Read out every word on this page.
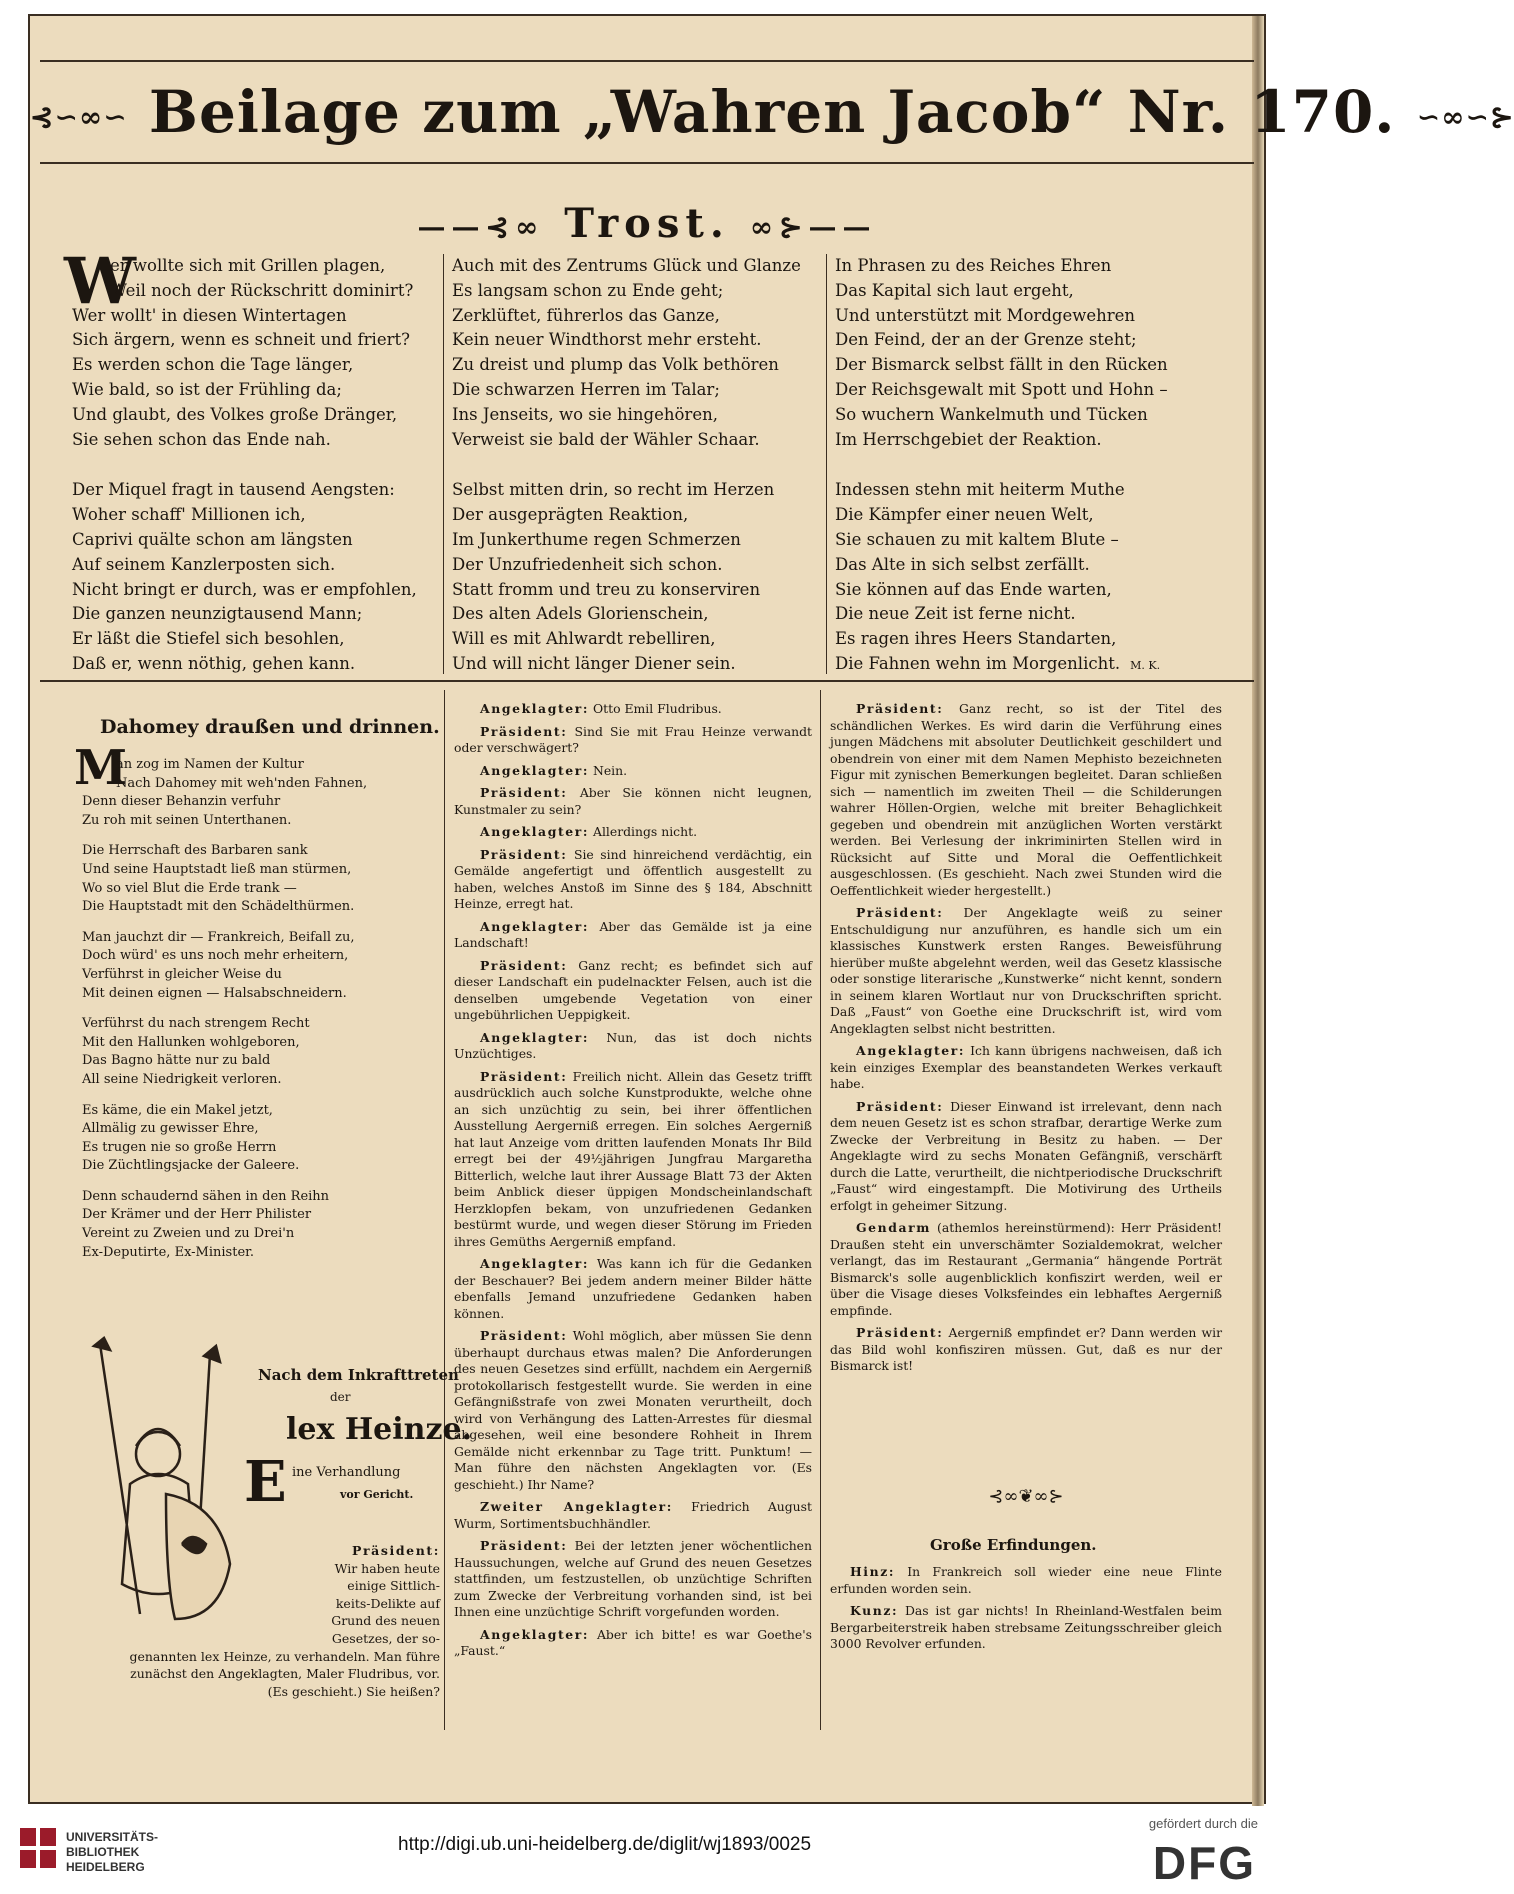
⊰∽∞∽ Beilage zum „Wahren Jacob“ Nr. 170. ∽∞∽⊱
——⊰∞ Trost. ∞⊱——
W
er wollte sich mit Grillen plagen,
Weil noch der Rückschritt dominirt?
Wer wollt' in diesen Wintertagen
Sich ärgern, wenn es schneit und friert?
Es werden schon die Tage länger,
Wie bald, so ist der Frühling da;
Und glaubt, des Volkes große Dränger,
Sie sehen schon das Ende nah.
Der Miquel fragt in tausend Aengsten:
Woher schaff' Millionen ich,
Caprivi quälte schon am längsten
Auf seinem Kanzlerposten sich.
Nicht bringt er durch, was er empfohlen,
Die ganzen neunzigtausend Mann;
Er läßt die Stiefel sich besohlen,
Daß er, wenn nöthig, gehen kann.
Auch mit des Zentrums Glück und Glanze
Es langsam schon zu Ende geht;
Zerklüftet, führerlos das Ganze,
Kein neuer Windthorst mehr ersteht.
Zu dreist und plump das Volk bethören
Die schwarzen Herren im Talar;
Ins Jenseits, wo sie hingehören,
Verweist sie bald der Wähler Schaar.
Selbst mitten drin, so recht im Herzen
Der ausgeprägten Reaktion,
Im Junkerthume regen Schmerzen
Der Unzufriedenheit sich schon.
Statt fromm und treu zu konserviren
Des alten Adels Glorienschein,
Will es mit Ahlwardt rebelliren,
Und will nicht länger Diener sein.
In Phrasen zu des Reiches Ehren
Das Kapital sich laut ergeht,
Und unterstützt mit Mordgewehren
Den Feind, der an der Grenze steht;
Der Bismarck selbst fällt in den Rücken
Der Reichsgewalt mit Spott und Hohn –
So wuchern Wankelmuth und Tücken
Im Herrschgebiet der Reaktion.
Indessen stehn mit heiterm Muthe
Die Kämpfer einer neuen Welt,
Sie schauen zu mit kaltem Blute –
Das Alte in sich selbst zerfällt.
Sie können auf das Ende warten,
Die neue Zeit ist ferne nicht.
Es ragen ihres Heers Standarten,
Die Fahnen wehn im Morgenlicht. M. K.
Dahomey draußen und drinnen.
M
an zog im Namen der Kultur
Nach Dahomey mit weh'nden Fahnen,
Denn dieser Behanzin verfuhr
Zu roh mit seinen Unterthanen.
Die Herrschaft des Barbaren sank
Und seine Hauptstadt ließ man stürmen,
Wo so viel Blut die Erde trank —
Die Hauptstadt mit den Schädelthürmen.
Man jauchzt dir — Frankreich, Beifall zu,
Doch würd' es uns noch mehr erheitern,
Verführst in gleicher Weise du
Mit deinen eignen — Halsabschneidern.
Verführst du nach strengem Recht
Mit den Hallunken wohlgeboren,
Das Bagno hätte nur zu bald
All seine Niedrigkeit verloren.
Es käme, die ein Makel jetzt,
Allmälig zu gewisser Ehre,
Es trugen nie so große Herrn
Die Züchtlingsjacke der Galeere.
Denn schaudernd sähen in den Reihn
Der Krämer und der Herr Philister
Vereint zu Zweien und zu Drei'n
Ex-Deputirte, Ex-Minister.
Nach dem Inkrafttreten
der
lex Heinze.
E ine Verhandlung
vor Gericht.
Präsident:
Wir haben heute
einige Sittlich-
keits-Delikte auf
Grund des neuen
Gesetzes, der so-
genannten lex Heinze, zu verhandeln. Man führe
zunächst den Angeklagten, Maler Fludribus, vor.
(Es geschieht.) Sie heißen?

Angeklagter: Otto Emil Fludribus.

Präsident: Sind Sie mit Frau Heinze verwandt oder verschwägert?

Angeklagter: Nein.

Präsident: Aber Sie können nicht leugnen, Kunstmaler zu sein?

Angeklagter: Allerdings nicht.

Präsident: Sie sind hinreichend verdächtig, ein Gemälde angefertigt und öffentlich ausgestellt zu haben, welches Anstoß im Sinne des § 184, Abschnitt Heinze, erregt hat.

Angeklagter: Aber das Gemälde ist ja eine Landschaft!

Präsident: Ganz recht; es befindet sich auf dieser Landschaft ein pudelnackter Felsen, auch ist die denselben umgebende Vegetation von einer ungebührlichen Ueppigkeit.

Angeklagter: Nun, das ist doch nichts Unzüchtiges.

Präsident: Freilich nicht. Allein das Gesetz trifft ausdrücklich auch solche Kunstprodukte, welche ohne an sich unzüchtig zu sein, bei ihrer öffentlichen Ausstellung Aergerniß erregen. Ein solches Aergerniß hat laut Anzeige vom dritten laufenden Monats Ihr Bild erregt bei der 49½jährigen Jungfrau Margaretha Bitterlich, welche laut ihrer Aussage Blatt 73 der Akten beim Anblick dieser üppigen Mondscheinlandschaft Herzklopfen bekam, von unzufriedenen Gedanken bestürmt wurde, und wegen dieser Störung im Frieden ihres Gemüths Aergerniß empfand.

Angeklagter: Was kann ich für die Gedanken der Beschauer? Bei jedem andern meiner Bilder hätte ebenfalls Jemand unzufriedene Gedanken haben können.

Präsident: Wohl möglich, aber müssen Sie denn überhaupt durchaus etwas malen? Die Anforderungen des neuen Gesetzes sind erfüllt, nachdem ein Aergerniß protokollarisch festgestellt wurde. Sie werden in eine Gefängnißstrafe von zwei Monaten verurtheilt, doch wird von Verhängung des Latten-Arrestes für diesmal abgesehen, weil eine besondere Rohheit in Ihrem Gemälde nicht erkennbar zu Tage tritt. Punktum! — Man führe den nächsten Angeklagten vor. (Es geschieht.) Ihr Name?

Zweiter Angeklagter: Friedrich August Wurm, Sortimentsbuchhändler.

Präsident: Bei der letzten jener wöchentlichen Haussuchungen, welche auf Grund des neuen Gesetzes stattfinden, um festzustellen, ob unzüchtige Schriften zum Zwecke der Verbreitung vorhanden sind, ist bei Ihnen eine unzüchtige Schrift vorgefunden worden.

Angeklagter: Aber ich bitte! es war Goethe's „Faust.“

Präsident: Ganz recht, so ist der Titel des schändlichen Werkes. Es wird darin die Verführung eines jungen Mädchens mit absoluter Deutlichkeit geschildert und obendrein von einer mit dem Namen Mephisto bezeichneten Figur mit zynischen Bemerkungen begleitet. Daran schließen sich — namentlich im zweiten Theil — die Schilderungen wahrer Höllen-Orgien, welche mit breiter Behaglichkeit gegeben und obendrein mit anzüglichen Worten verstärkt werden. Bei Verlesung der inkriminirten Stellen wird in Rücksicht auf Sitte und Moral die Oeffentlichkeit ausgeschlossen. (Es geschieht. Nach zwei Stunden wird die Oeffentlichkeit wieder hergestellt.)

Präsident: Der Angeklagte weiß zu seiner Entschuldigung nur anzuführen, es handle sich um ein klassisches Kunstwerk ersten Ranges. Beweisführung hierüber mußte abgelehnt werden, weil das Gesetz klassische oder sonstige literarische „Kunstwerke“ nicht kennt, sondern in seinem klaren Wortlaut nur von Druckschriften spricht. Daß „Faust“ von Goethe eine Druckschrift ist, wird vom Angeklagten selbst nicht bestritten.

Angeklagter: Ich kann übrigens nachweisen, daß ich kein einziges Exemplar des beanstandeten Werkes verkauft habe.

Präsident: Dieser Einwand ist irrelevant, denn nach dem neuen Gesetz ist es schon strafbar, derartige Werke zum Zwecke der Verbreitung in Besitz zu haben. — Der Angeklagte wird zu sechs Monaten Gefängniß, verschärft durch die Latte, verurtheilt, die nichtperiodische Druckschrift „Faust“ wird eingestampft. Die Motivirung des Urtheils erfolgt in geheimer Sitzung.

Gendarm (athemlos hereinstürmend): Herr Präsident! Draußen steht ein unverschämter Sozialdemokrat, welcher verlangt, das im Restaurant „Germania“ hängende Porträt Bismarck's solle augenblicklich konfiszirt werden, weil er über die Visage dieses Volksfeindes ein lebhaftes Aergerniß empfinde.

Präsident: Aergerniß empfindet er? Dann werden wir das Bild wohl konfisziren müssen. Gut, daß es nur der Bismarck ist!

⊰∞❦∞⊱
Große Erfindungen.

Hinz: In Frankreich soll wieder eine neue Flinte erfunden worden sein.

Kunz: Das ist gar nichts! In Rheinland-Westfalen beim Bergarbeiterstreik haben strebsame Zeitungsschreiber gleich 3000 Revolver erfunden.

UNIVERSITÄTS-
BIBLIOTHEK
HEIDELBERG
http://digi.ub.uni-heidelberg.de/diglit/wj1893/0025
gefördert durch die
DFG
